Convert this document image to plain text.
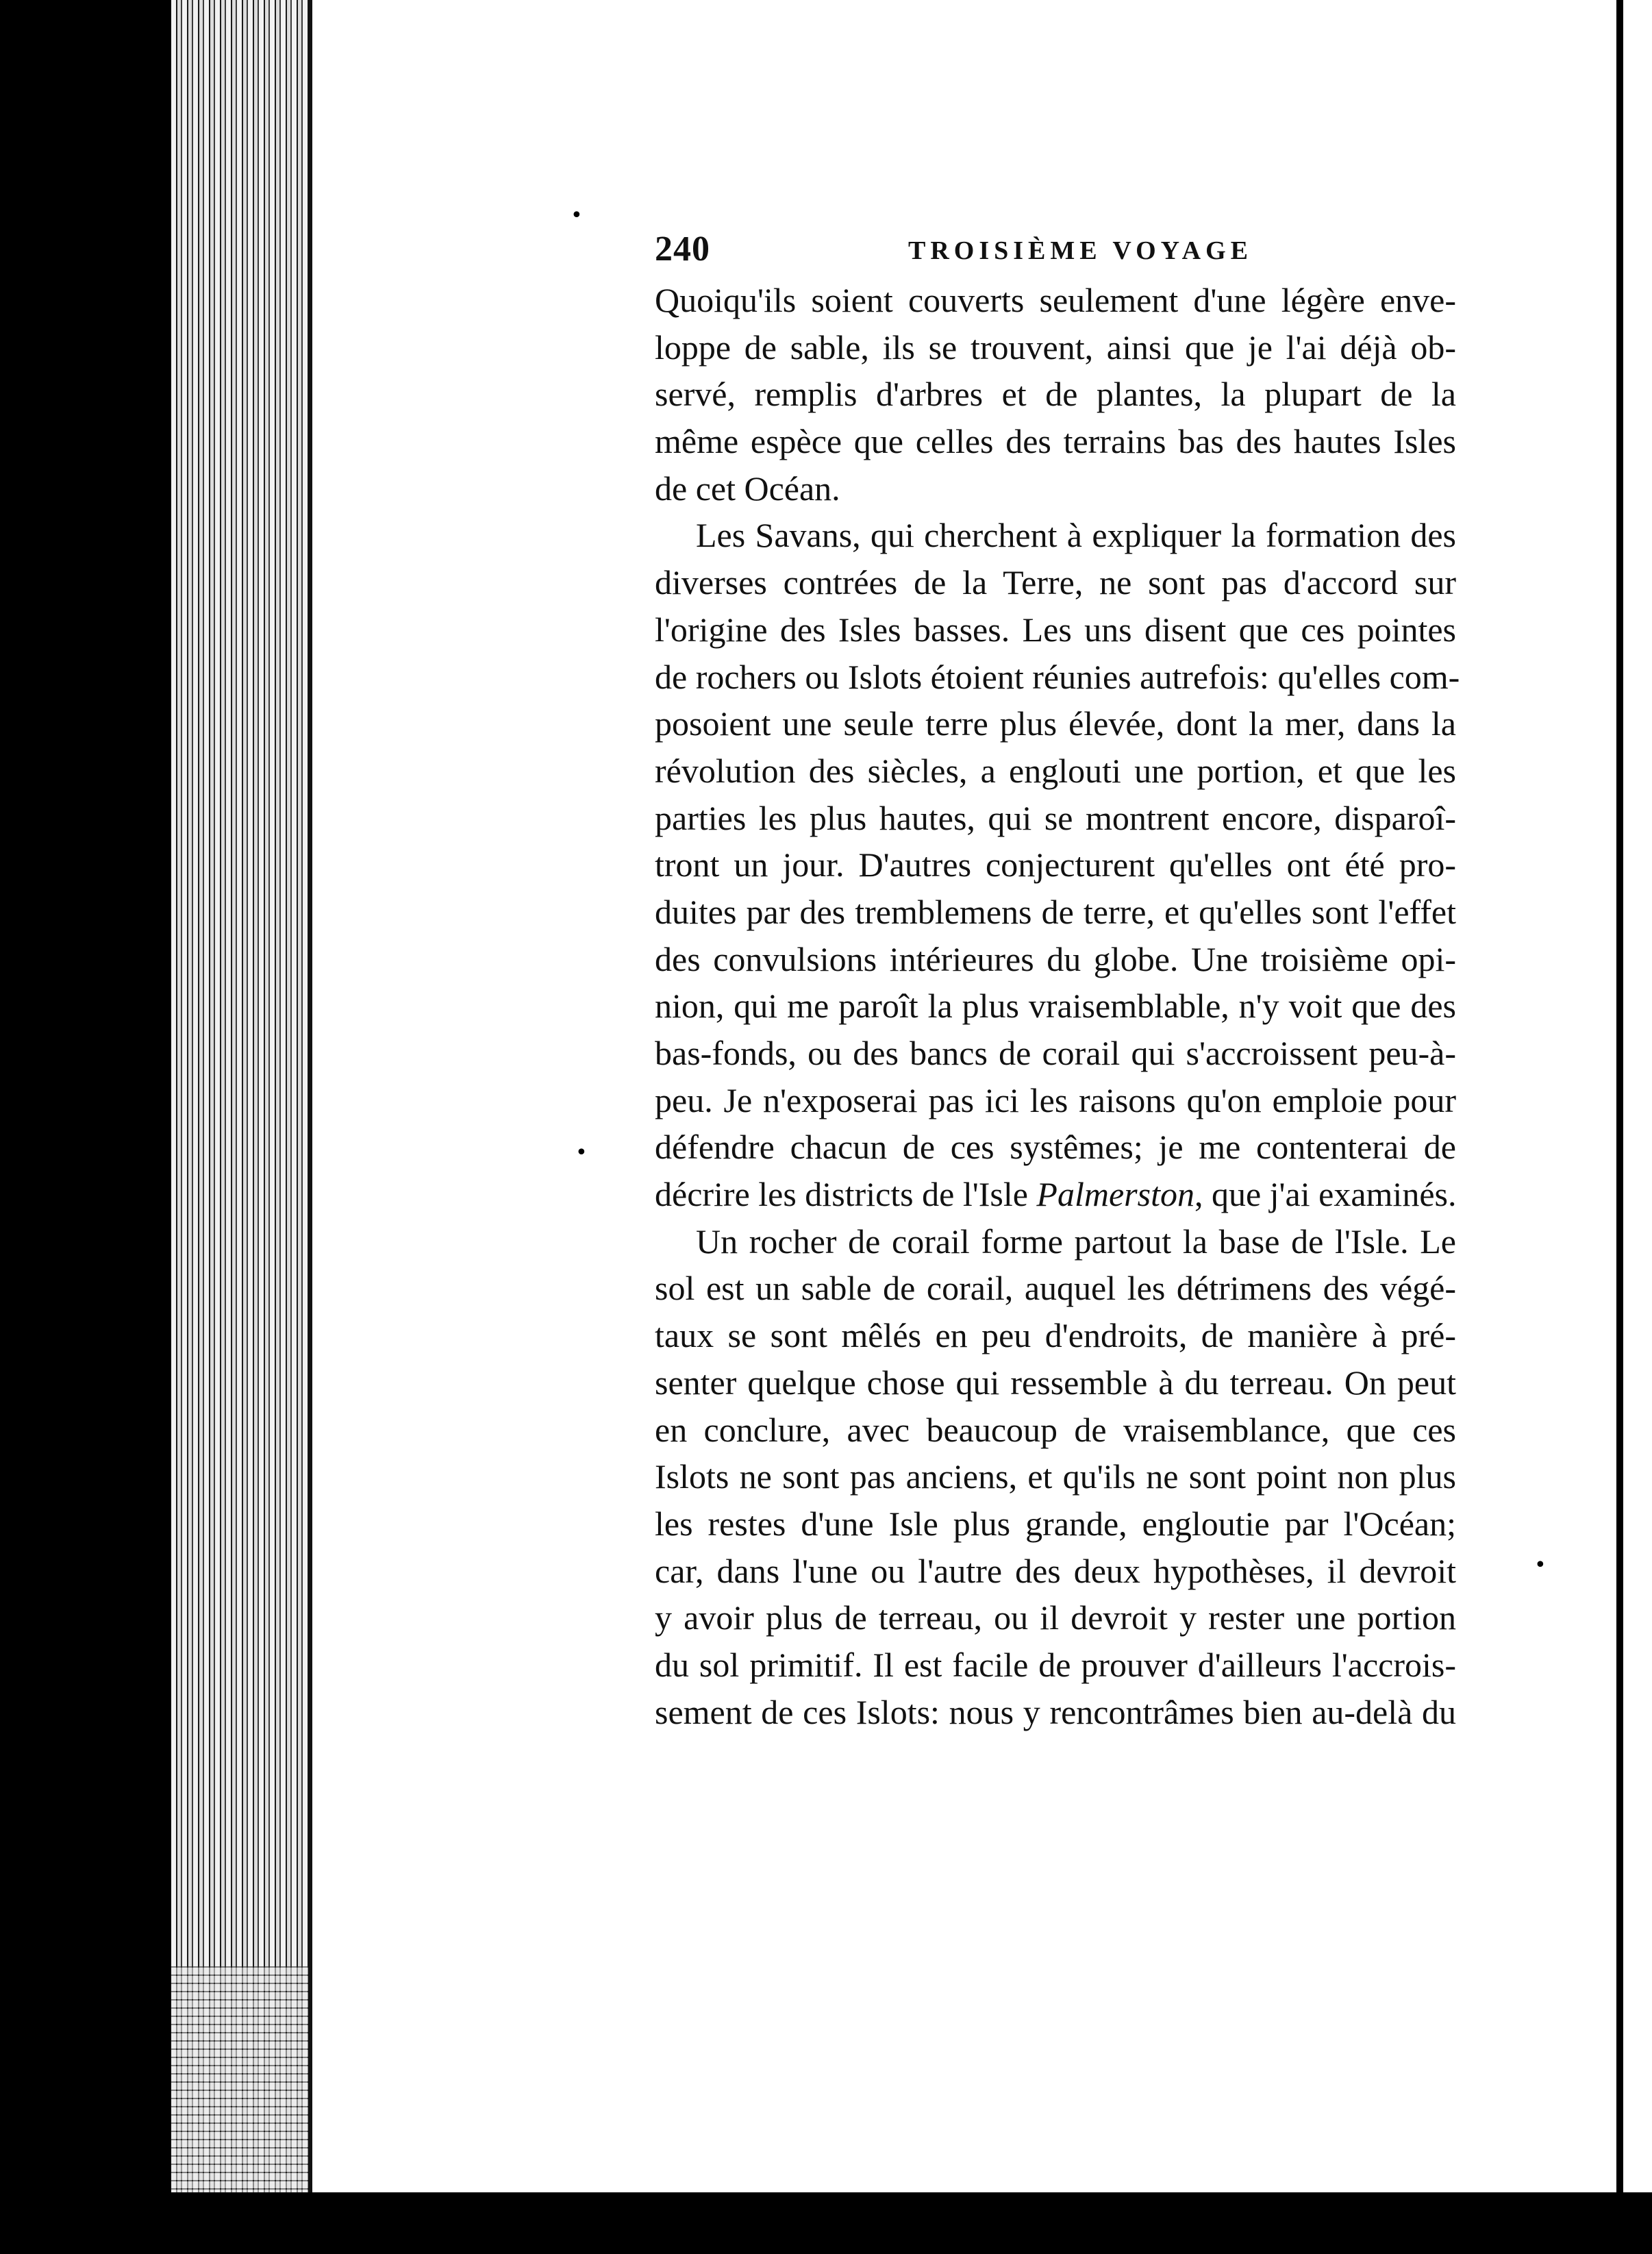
✱	•
•
•
240	TROISIÈME VOYAGE
Quoiqu'ils soient couverts seulement d'une légère enve-
loppe de sable, ils se trouvent, ainsi que je l'ai déjà ob-
servé, remplis d'arbres et de plantes, la plupart de la
même espèce que celles des terrains bas des hautes Isles
de cet Océan.
Les Savans, qui cherchent à expliquer la formation des
diverses contrées de la Terre, ne sont pas d'accord sur
l'origine des Isles basses. Les uns disent que ces pointes
de rochers ou Islots étoient réunies autrefois: qu'elles com-
posoient une seule terre plus élevée, dont la mer, dans la
révolution des siècles, a englouti une portion, et que les
parties les plus hautes, qui se montrent encore, disparoî-
tront un jour. D'autres conjecturent qu'elles ont été pro-
duites par des tremblemens de terre, et qu'elles sont l'effet
des convulsions intérieures du globe. Une troisième opi-
nion, qui me paroît la plus vraisemblable, n'y voit que des
bas-fonds, ou des bancs de corail qui s'accroissent peu-à-
peu. Je n'exposerai pas ici les raisons qu'on emploie pour
défendre chacun de ces systêmes; je me contenterai de
décrire les districts de l'Isle Palmerston, que j'ai examinés.
Un rocher de corail forme partout la base de l'Isle. Le
sol est un sable de corail, auquel les détrimens des végé-
taux se sont mêlés en peu d'endroits, de manière à pré-
senter quelque chose qui ressemble à du terreau. On peut
en conclure, avec beaucoup de vraisemblance, que ces
Islots ne sont pas anciens, et qu'ils ne sont point non plus
les restes d'une Isle plus grande, engloutie par l'Océan;
car, dans l'une ou l'autre des deux hypothèses, il devroit
y avoir plus de terreau, ou il devroit y rester une portion
du sol primitif. Il est facile de prouver d'ailleurs l'accrois-
sement de ces Islots: nous y rencontrâmes bien au-delà du
